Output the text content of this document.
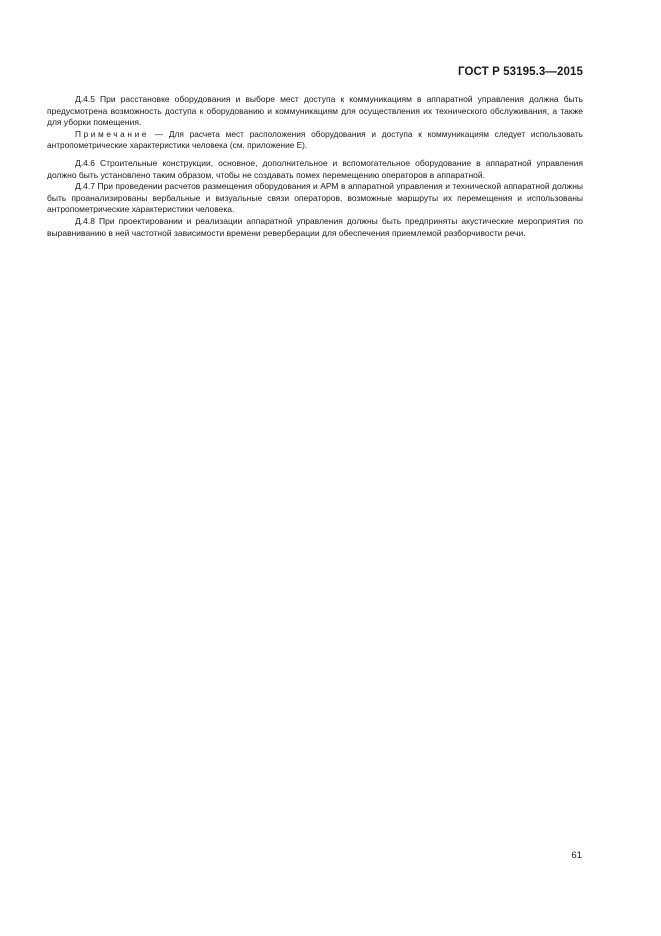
ГОСТ Р 53195.3—2015

Д.4.5 При расстановке оборудования и выборе мест доступа к коммуникациям в аппаратной управления должна быть предусмотрена возможность доступа к оборудованию и коммуникациям для осуществления их технического обслуживания, а также для уборки помещения.

Примечание — Для расчета мест расположения оборудования и доступа к коммуникациям следует использовать антропометрические характеристики человека (см. приложение Е).

Д.4.6 Строительные конструкции, основное, дополнительное и вспомогательное оборудование в аппаратной управления должно быть установлено таким образом, чтобы не создавать помех перемещению операторов в аппаратной.

Д.4.7 При проведении расчетов размещения оборудования и АРМ в аппаратной управления и технической аппаратной должны быть проанализированы вербальные и визуальные связи операторов, возможные маршруты их перемещения и использованы антропометрические характеристики человека.

Д.4.8 При проектировании и реализации аппаратной управления должны быть предприняты акустические мероприятия по выравниванию в ней частотной зависимости времени реверберации для обеспечения приемлемой разборчивости речи.

61
